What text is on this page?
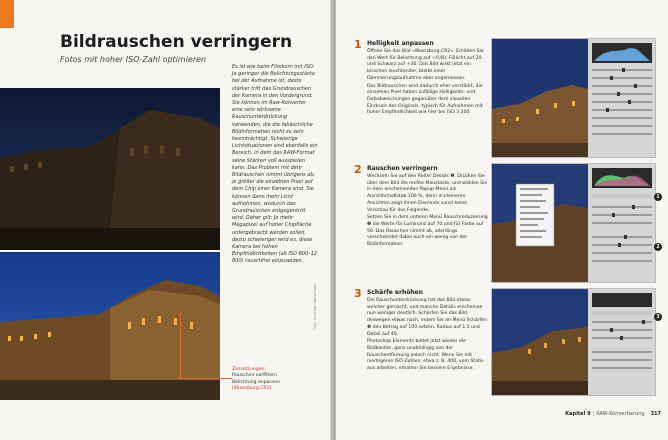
Bildrauschen verringern
Fotos mit hoher ISO-Zahl optimieren

Es ist wie beim Filmkorn mit ISO: Je geringer die Belichtungsstärke bei der Aufnahme ist, desto stärker tritt das Grundrauschen der Kamera in den Vordergrund. Sie können im Raw-Konverter eine sehr wirksame Rauschunterdrückung verwenden, die die fabäschliche Bildinformation nicht zu sehr beeinträchtigt. Schwierige Lichtsituationen sind ebenfalls ein Bereich, in dem das RAW-Format seine Stärken voll ausspielen kann. Das Problem mit dem Bildrauschen nimmt übrigens ab, je größer die einzelnen Pixel auf dem Chip einer Kamera sind. Sie können dann mehr Licht aufnehmen, wodurch das Grundrauschen entgegentritt wird. Daher gilt: Je mehr Megapixel auf hoher Chipfläche untergebracht werden sollen, desto schwieriger wird es, diese Kamera bei hohen Empfindlichkeiten (ab ISO 800–12 800) rauschfrei einzusetzen.

Zielsetzungen:
Rauschen vorfiltern
Belichtung anpassen
[Wuerzburg.CR2]
Foto: Christian Westphalen
1 Helligkeit anpassen

Öffnen Sie das Bild »Wuerzburg.CR2«. Erhöhen Sie den Wert für Belichtung auf +0,60, Füllicht auf 20 und Schwarz auf +30. Das Bild wirkt jetzt ein bisschen leuchtender, bleibt einer Dämmerungsaufnahme aber angemessen.

Das Bildrauschen wird dadurch eher verstärkt, die einzelnen Pixel haben zufällige Helligkeits- und Farbabweichungen gegenüber dem visuellen Eindruck des Originals, typisch für Aufnahmen mit hoher Empfindlichkeit wie hier bei ISO 3 200.

2 Rauschen verringern

Wechseln Sie auf den Reiter Details ❶. Drücken Sie über dem Bild die rechte Maustaste, und wählen Sie in dem erscheinenden Popup-Menü als Ansichtsmaßstab 100 %, denn in kleineren Ansichten zeigt ihnen Elements sonst keine Vorschau für das Folgende.

Setzen Sie in dem unteren Menü Rauschreduzierung ❷ die Werte für Luminanz auf 70 und für Farbe auf 50. Das Rauschen nimmt ab, allerdings verschwindet dabei auch ein wenig von der Bildinformation.

3 Schärfe erhöhen

Die Rauschunterdrückung hat das Bild etwas weicher gemacht, und manche Details erscheinen nun weniger deutlich. Schärfen Sie das Bild deswegen etwas nach, indem Sie im Menü Schärfen ❸ den Betrag auf 100 setzen, Radius auf 1,5 und Detail auf 40.

Photoshop Elements bietet jetzt wieder die Bildkanten, ganz unabhängig von der Rauschentfernung jedoch nicht. Wenn Sie mit niedrigeren ISO-Zahlen, etwa z. B. 400, vom Stativ aus arbeiten, erhalten Sie bessere Ergebnisse.

1
2
3
Kapitel 9 | RAW-Konvertierung 317
